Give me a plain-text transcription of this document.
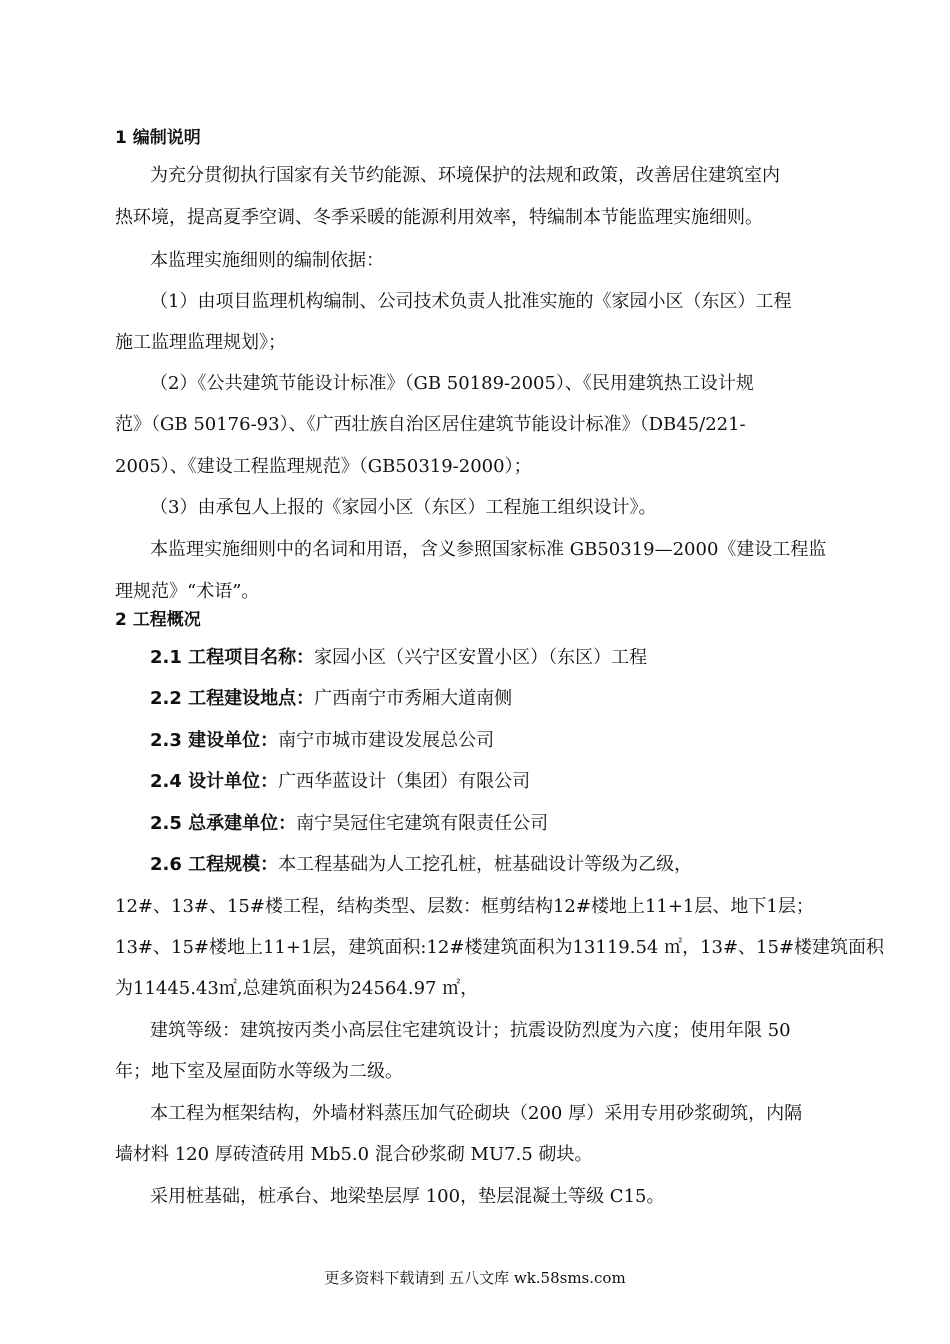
1 编制说明
为充分贯彻执行国家有关节约能源、环境保护的法规和政策，改善居住建筑室内
热环境，提高夏季空调、冬季采暖的能源利用效率，特编制本节能监理实施细则。
本监理实施细则的编制依据：
（1）由项目监理机构编制、公司技术负责人批准实施的《家园小区（东区）工程
施工监理监理规划》；
（2）《公共建筑节能设计标准》（GB 50189-2005）、《民用建筑热工设计规
范》（GB 50176-93）、《广西壮族自治区居住建筑节能设计标准》（DB45/221-
2005）、《建设工程监理规范》（GB50319-2000）；
（3）由承包人上报的《家园小区（东区）工程施工组织设计》。
本监理实施细则中的名词和用语，含义参照国家标准 GB50319—2000《建设工程监
理规范》“术语”。
2 工程概况
2.1 工程项目名称：家园小区（兴宁区安置小区）（东区）工程
2.2 工程建设地点：广西南宁市秀厢大道南侧
2.3 建设单位：南宁市城市建设发展总公司
2.4 设计单位：广西华蓝设计（集团）有限公司
2.5 总承建单位：南宁昊冠住宅建筑有限责任公司
2.6 工程规模：本工程基础为人工挖孔桩，桩基础设计等级为乙级，
12#、13#、15#楼工程，结构类型、层数：框剪结构12#楼地上11+1层、地下1层；
13#、15#楼地上11+1层，建筑面积:12#楼建筑面积为13119.54 ㎡，13#、15#楼建筑面积
为11445.43㎡,总建筑面积为24564.97 ㎡，
建筑等级：建筑按丙类小高层住宅建筑设计；抗震设防烈度为六度；使用年限 50
年；地下室及屋面防水等级为二级。
本工程为框架结构，外墙材料蒸压加气砼砌块（200 厚）采用专用砂浆砌筑，内隔
墙材料 120 厚砖渣砖用 Mb5.0 混合砂浆砌 MU7.5 砌块。
采用桩基础，桩承台、地梁垫层厚 100，垫层混凝土等级 C15。
更多资料下载请到 五八文库 wk.58sms.com
